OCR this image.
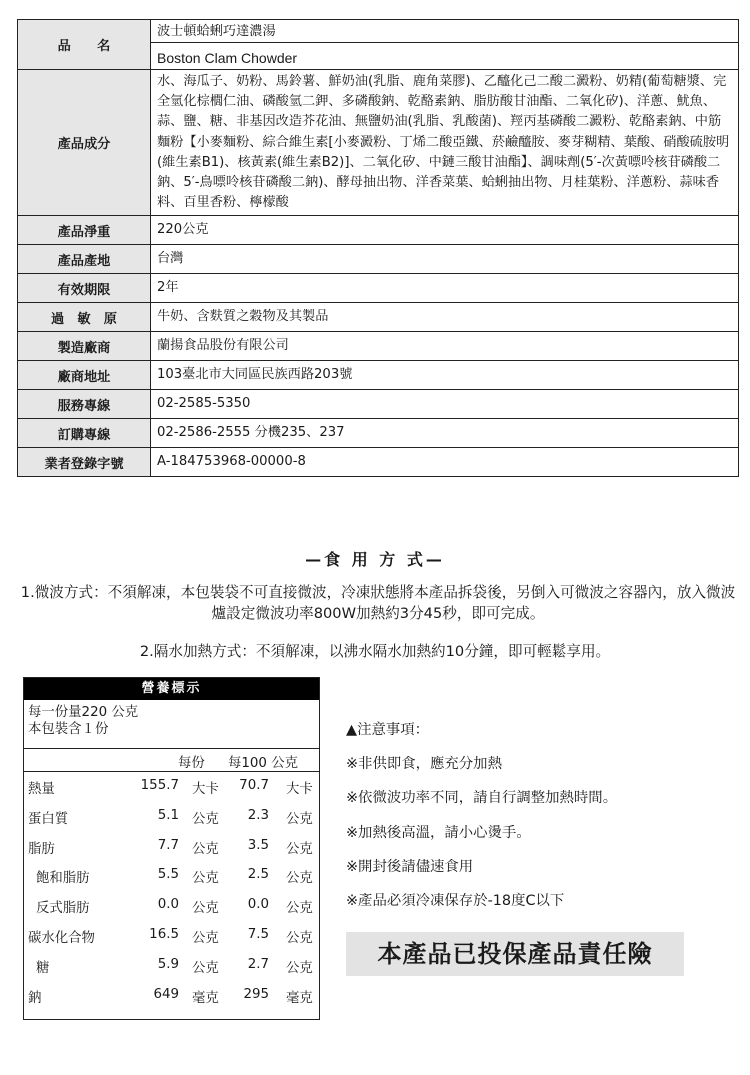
品　　名	波士頓蛤蜊巧達濃湯
Boston Clam Chowder

產品成分	水、海瓜子、奶粉、馬鈴薯、鮮奶油(乳脂、鹿角菜膠)、乙醯化己二酸二澱粉、奶精(葡萄糖漿、完全氫化棕櫚仁油、磷酸氫二鉀、多磷酸鈉、乾酪素鈉、脂肪酸甘油酯、二氧化矽)、洋蔥、魷魚、蒜、鹽、糖、非基因改造芥花油、無鹽奶油(乳脂、乳酸菌)、羥丙基磷酸二澱粉、乾酪素鈉、中筋麵粉【小麥麵粉、綜合維生素[小麥澱粉、丁烯二酸亞鐵、菸鹼醯胺、麥芽糊精、葉酸、硝酸硫胺明(維生素B1)、核黃素(維生素B2)]、二氧化矽、中鏈三酸甘油酯】、調味劑(5′-次黃嘌呤核苷磷酸二鈉、5′-鳥嘌呤核苷磷酸二鈉)、酵母抽出物、洋香菜葉、蛤蜊抽出物、月桂葉粉、洋蔥粉、蒜味香料、百里香粉、檸檬酸
產品淨重	220公克
產品產地	台灣
有效期限	2年
過　敏　原	牛奶、含麩質之穀物及其製品
製造廠商	蘭揚食品股份有限公司
廠商地址	103臺北市大同區民族西路203號
服務專線	02-2585-5350
訂購專線	02-2586-2555 分機235、237
業者登錄字號	A-184753968-00000-8
—食 用 方 式—
1.微波方式：不須解凍，本包裝袋不可直接微波，冷凍狀態將本產品拆袋後，另倒入可微波之容器內，放入微波爐設定微波功率800W加熱約3分45秒，即可完成。
2.隔水加熱方式：不須解凍，以沸水隔水加熱約10分鐘，即可輕鬆享用。
營養標示
每一份量220 公克
本包裝含１份
每份 每100 公克
熱量	155.7 大卡 70.7 大卡
蛋白質	5.1 公克 2.3 公克
脂肪	7.7 公克 3.5 公克
飽和脂肪	5.5 公克 2.5 公克
反式脂肪	0.0 公克 0.0 公克
碳水化合物	16.5 公克 7.5 公克
糖	5.9 公克 2.7 公克
鈉	649 毫克 295 毫克
▲注意事項：
※非供即食，應充分加熱
※依微波功率不同，請自行調整加熱時間。
※加熱後高溫，請小心燙手。
※開封後請儘速食用
※產品必須冷凍保存於-18度C以下
本產品已投保產品責任險
